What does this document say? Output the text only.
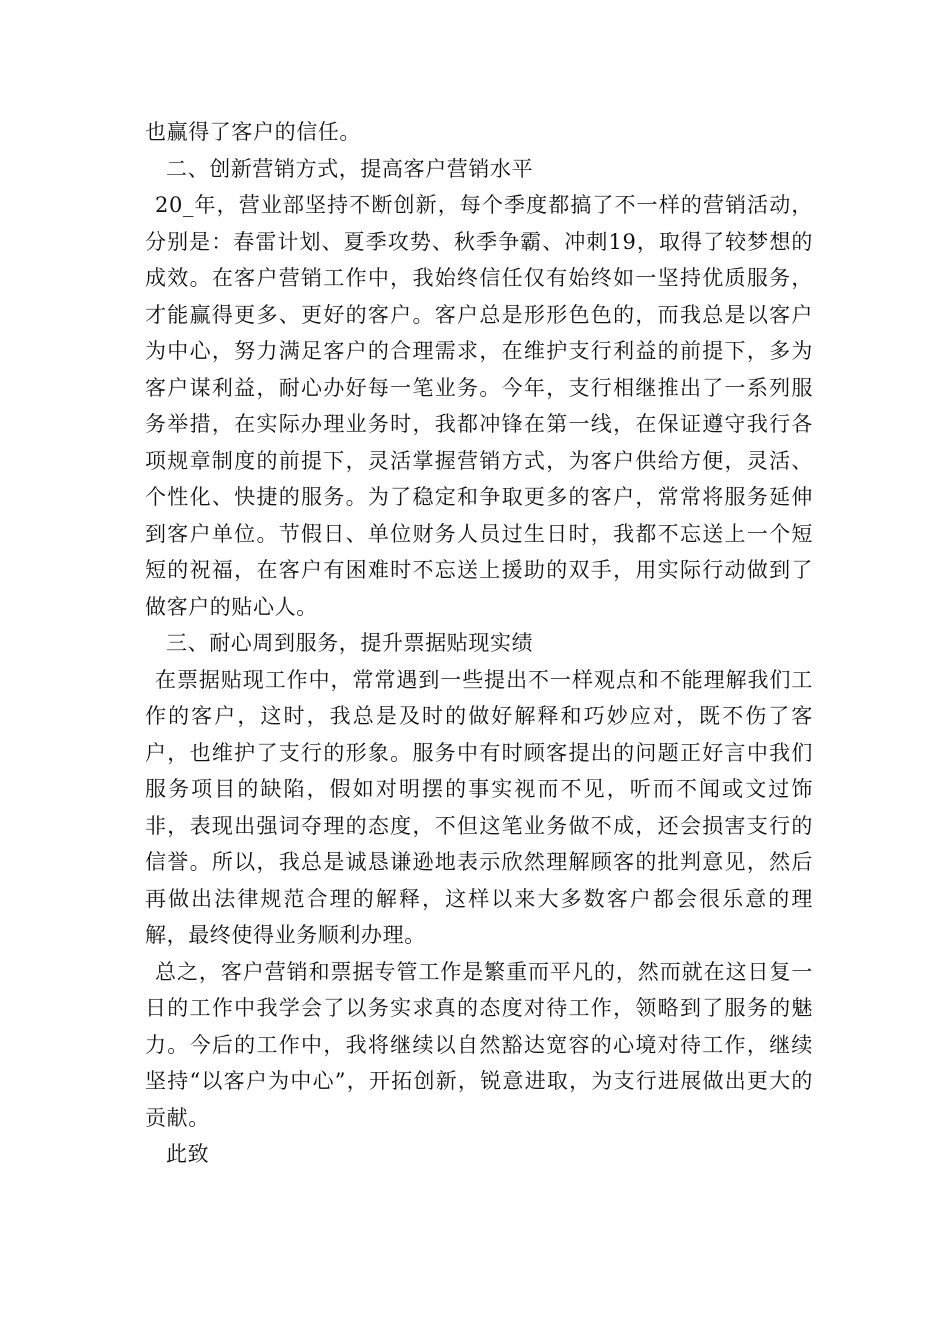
也赢得了客户的信任。

二、创新营销方式，提高客户营销水平

20_年，营业部坚持不断创新，每个季度都搞了不一样的营销活动，分别是：春雷计划、夏季攻势、秋季争霸、冲刺19，取得了较梦想的成效。在客户营销工作中，我始终信任仅有始终如一坚持优质服务，才能赢得更多、更好的客户。客户总是形形色色的，而我总是以客户为中心，努力满足客户的合理需求，在维护支行利益的前提下，多为客户谋利益，耐心办好每一笔业务。今年，支行相继推出了一系列服务举措，在实际办理业务时，我都冲锋在第一线，在保证遵守我行各项规章制度的前提下，灵活掌握营销方式，为客户供给方便，灵活、个性化、快捷的服务。为了稳定和争取更多的客户，常常将服务延伸到客户单位。节假日、单位财务人员过生日时，我都不忘送上一个短短的祝福，在客户有困难时不忘送上援助的双手，用实际行动做到了做客户的贴心人。

三、耐心周到服务，提升票据贴现实绩

在票据贴现工作中，常常遇到一些提出不一样观点和不能理解我们工作的客户，这时，我总是及时的做好解释和巧妙应对，既不伤了客户，也维护了支行的形象。服务中有时顾客提出的问题正好言中我们服务项目的缺陷，假如对明摆的事实视而不见，听而不闻或文过饰非，表现出强词夺理的态度，不但这笔业务做不成，还会损害支行的信誉。所以，我总是诚恳谦逊地表示欣然理解顾客的批判意见，然后再做出法律规范合理的解释，这样以来大多数客户都会很乐意的理解，最终使得业务顺利办理。

总之，客户营销和票据专管工作是繁重而平凡的，然而就在这日复一日的工作中我学会了以务实求真的态度对待工作，领略到了服务的魅力。今后的工作中，我将继续以自然豁达宽容的心境对待工作，继续坚持“以客户为中心”，开拓创新，锐意进取，为支行进展做出更大的贡献。

此致
